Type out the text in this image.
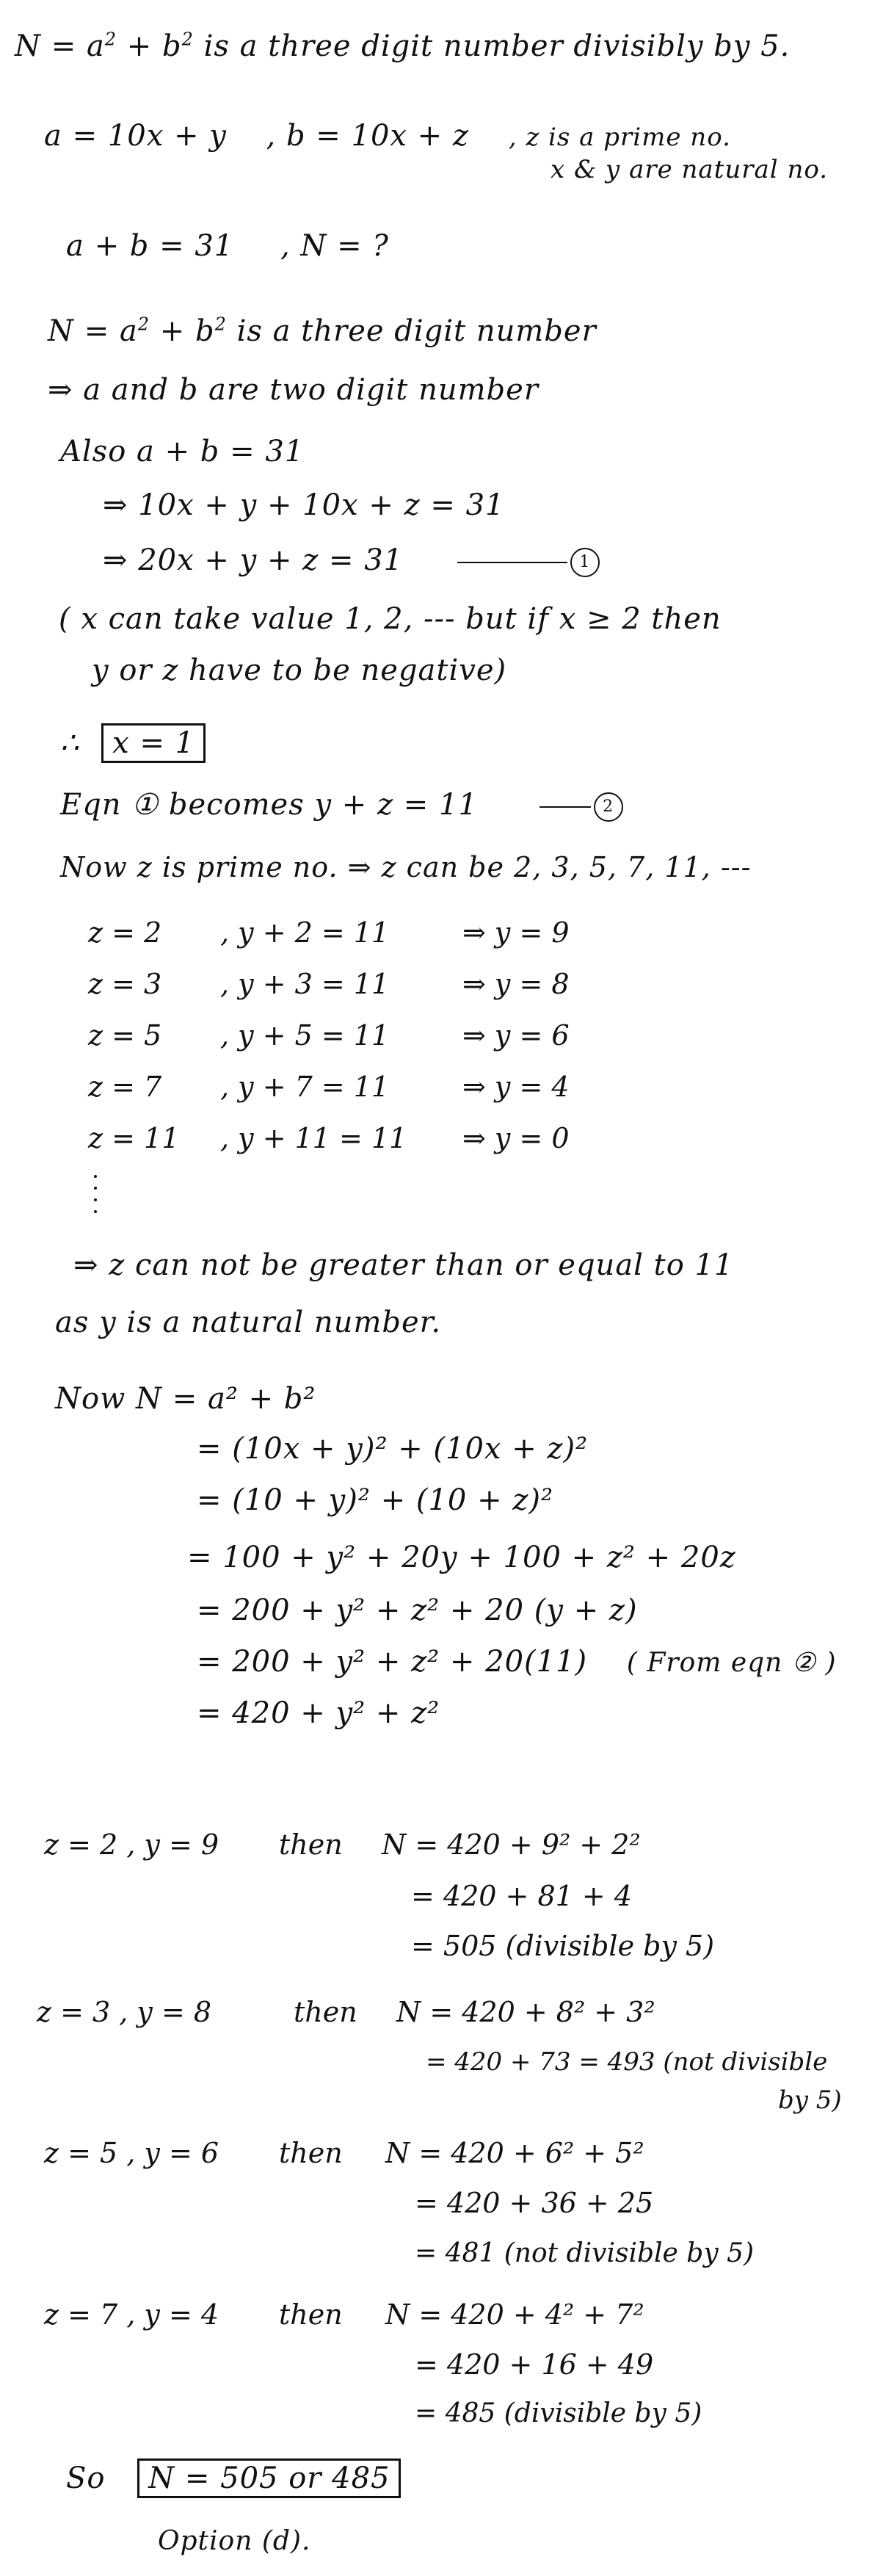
$N = a^2 + b^2$ is a three digit number divisibly by 5.
a = 10x + y , b = 10x + z , z is a prime no.
x & y are natural no.
a + b = 31 , N = ?
$N = a^2 + b^2$ is a three digit number
⇒ a and b are two digit number
Also a + b = 31
⇒ 10x + y + 10x + z = 31
⇒ 20x + y + z = 31	1
( x can take value 1, 2, --- but if x ≥ 2 then
y or z have to be negative)
∴ x = 1
Eqn ① becomes y + z = 11	2
Now z is prime no. ⇒ z can be 2, 3, 5, 7, 11, ---
z = 2 , y + 2 = 11	⇒ y = 9
z = 3 , y + 3 = 11	⇒ y = 8
z = 5 , y + 5 = 11	⇒ y = 6
z = 7 , y + 7 = 11	⇒ y = 4
z = 11 , y + 11 = 11 ⇒ y = 0
⇒ z can not be greater than or equal to 11
as y is a natural number.
Now N = a² + b²
= (10x + y)² + (10x + z)²
= (10 + y)² + (10 + z)²
= 100 + y² + 20y + 100 + z² + 20z
= 200 + y² + z² + 20 (y + z)
= 200 + y² + z² + 20(11) ( From eqn ② )
= 420 + y² + z²
z = 2 , y = 9 then N = 420 + 9² + 2²
= 420 + 81 + 4
= 505 (divisible by 5)
z = 3 , y = 8	then N = 420 + 8² + 3²
= 420 + 73 = 493 (not divisible
by 5)
z = 5 , y = 6 then N = 420 + 6² + 5²
= 420 + 36 + 25
= 481 (not divisible by 5)
z = 7 , y = 4 then N = 420 + 4² + 7²
= 420 + 16 + 49
= 485 (divisible by 5)
So N = 505 or 485
Option (d).
